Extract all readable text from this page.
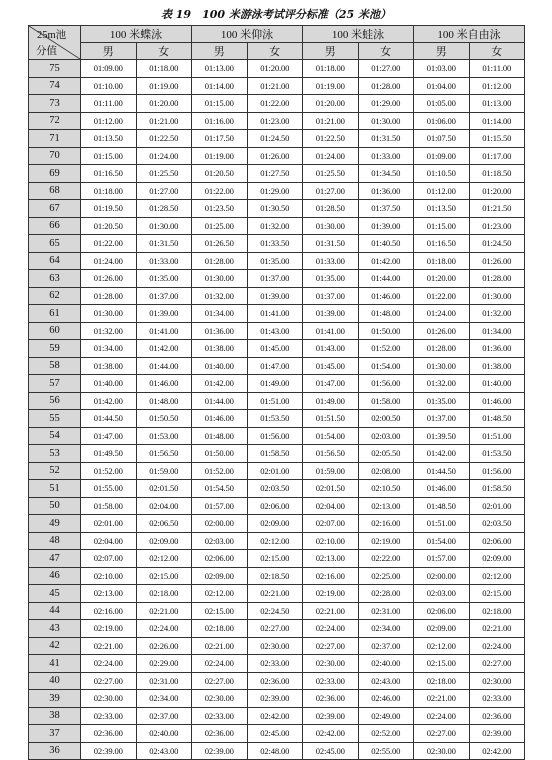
表 19　100 米游泳考试评分标准（25 米池）
25m池
分值	100 米蝶泳		100 米仰泳		100 米蛙泳		100 米自由泳	
	男	女	男	女	男	女	男	女
75	01:09.00	01:18.00	01:13.00	01:20.00	01:18.00	01:27.00	01:03.00	01:11.00
74	01:10.00	01:19.00	01:14.00	01:21.00	01:19.00	01:28.00	01:04.00	01:12.00
73	01:11.00	01:20.00	01:15.00	01:22.00	01:20.00	01:29.00	01:05.00	01:13.00
72	01:12.00	01:21.00	01:16.00	01:23.00	01:21.00	01:30.00	01:06.00	01:14.00
71	01:13.50	01:22.50	01:17.50	01:24.50	01:22.50	01:31.50	01:07.50	01:15.50
70	01:15.00	01:24.00	01:19.00	01:26.00	01:24.00	01:33.00	01:09.00	01:17.00
69	01:16.50	01:25.50	01:20.50	01:27.50	01:25.50	01:34.50	01:10.50	01:18.50
68	01:18.00	01:27.00	01:22.00	01:29.00	01:27.00	01:36.00	01:12.00	01:20.00
67	01:19.50	01:28.50	01:23.50	01:30.50	01:28.50	01:37.50	01:13.50	01:21.50
66	01:20.50	01:30.00	01:25.00	01:32.00	01:30.00	01:39.00	01:15.00	01:23.00
65	01:22.00	01:31.50	01:26.50	01:33.50	01:31.50	01:40.50	01:16.50	01:24.50
64	01:24.00	01:33.00	01:28.00	01:35.00	01:33.00	01:42.00	01:18.00	01:26.00
63	01:26.00	01:35.00	01:30.00	01:37.00	01:35.00	01:44.00	01:20.00	01:28.00
62	01:28.00	01:37.00	01:32.00	01:39.00	01:37.00	01:46.00	01:22.00	01:30.00
61	01:30.00	01:39.00	01:34.00	01:41.00	01:39.00	01:48.00	01:24.00	01:32.00
60	01:32.00	01:41.00	01:36.00	01:43.00	01:41.00	01:50.00	01:26.00	01:34.00
59	01:34.00	01:42.00	01:38.00	01:45.00	01:43.00	01:52.00	01:28.00	01:36.00
58	01:38.00	01:44.00	01:40.00	01:47.00	01:45.00	01:54.00	01:30.00	01:38.00
57	01:40.00	01:46.00	01:42.00	01:49.00	01:47.00	01:56.00	01:32.00	01:40.00
56	01:42.00	01:48.00	01:44.00	01:51.00	01:49.00	01:58.00	01:35.00	01:46.00
55	01:44.50	01:50.50	01:46.00	01:53.50	01:51.50	02:00.50	01:37.00	01:48.50
54	01:47.00	01:53.00	01:48.00	01:56.00	01:54.00	02:03.00	01:39.50	01:51.00
53	01:49.50	01:56.50	01:50.00	01:58.50	01:56.50	02:05.50	01:42.00	01:53.50
52	01:52.00	01:59.00	01:52.00	02:01.00	01:59.00	02:08.00	01:44.50	01:56.00
51	01:55.00	02:01.50	01:54.50	02:03.50	02:01.50	02:10.50	01:46.00	01:58.50
50	01:58.00	02:04.00	01:57.00	02:06.00	02:04.00	02:13.00	01:48.50	02:01.00
49	02:01.00	02:06.50	02:00.00	02:09.00	02:07.00	02:16.00	01:51.00	02:03.50
48	02:04.00	02:09.00	02:03.00	02:12.00	02:10.00	02:19.00	01:54.00	02:06.00
47	02:07.00	02:12.00	02:06.00	02:15.00	02:13.00	02:22.00	01:57.00	02:09.00
46	02:10.00	02:15.00	02:09.00	02:18.50	02:16.00	02:25.00	02:00.00	02:12.00
45	02:13.00	02:18.00	02:12.00	02:21.00	02:19.00	02:28.00	02:03.00	02:15.00
44	02:16.00	02:21.00	02:15.00	02:24.50	02:21.00	02:31.00	02:06.00	02:18.00
43	02:19.00	02:24.00	02:18.00	02:27.00	02:24.00	02:34.00	02:09.00	02:21.00
42	02:21.00	02:26.00	02:21.00	02:30.00	02:27.00	02:37.00	02:12.00	02:24.00
41	02:24.00	02:29.00	02:24.00	02:33.00	02:30.00	02:40.00	02:15.00	02:27.00
40	02:27.00	02:31.00	02:27.00	02:36.00	02:33.00	02:43.00	02:18.00	02:30.00
39	02:30.00	02:34.00	02:30.00	02:39.00	02:36.00	02:46.00	02:21.00	02:33.00
38	02:33.00	02:37.00	02:33.00	02:42.00	02:39.00	02:49.00	02:24.00	02:36.00
37	02:36.00	02:40.00	02:36.00	02:45.00	02:42.00	02:52.00	02:27.00	02:39.00
36	02:39.00	02:43.00	02:39.00	02:48.00	02:45.00	02:55.00	02:30.00	02:42.00
